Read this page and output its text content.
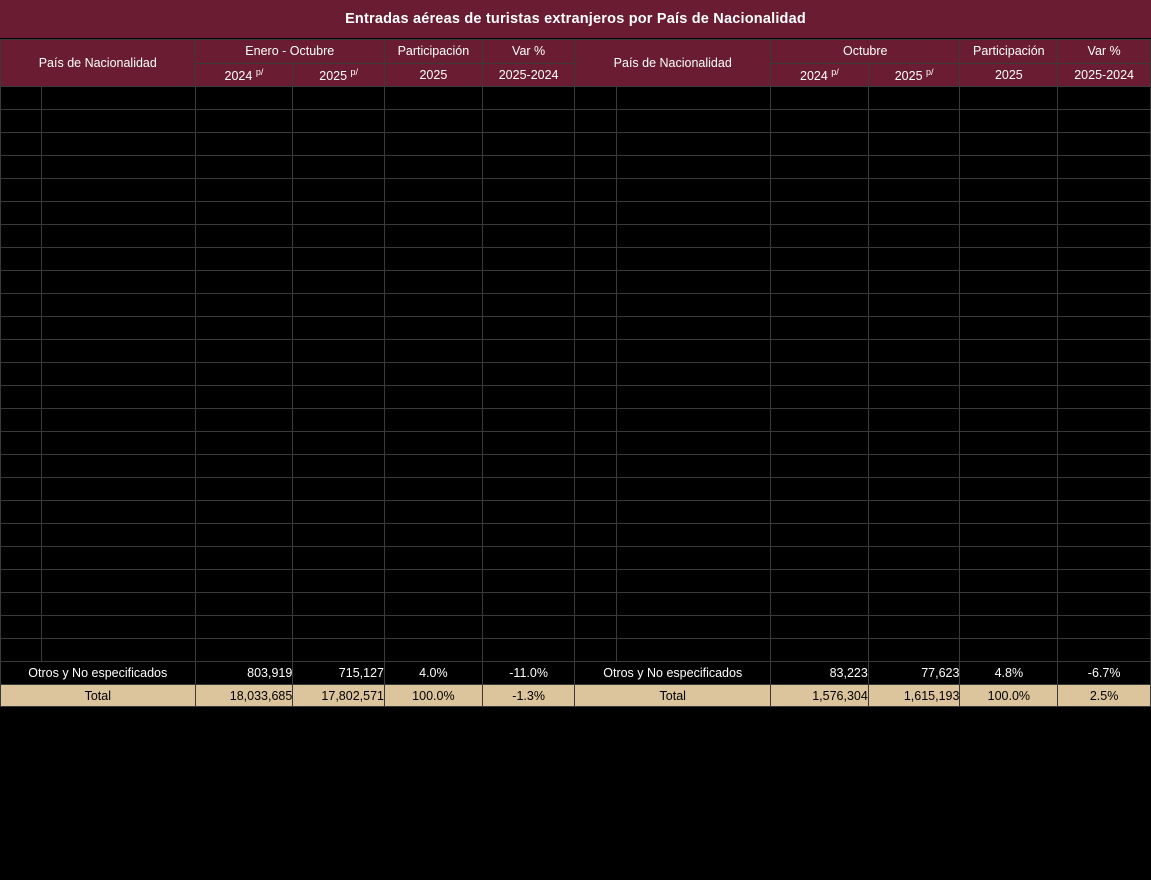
Entradas aéreas de turistas extranjeros por País de Nacionalidad
País de Nacionalidad		Enero - Octubre		Participación	Var %	País de Nacionalidad		Octubre		Participación	Var %
		2024 $^{p/}$	2025 $^{p/}$	2025	2025-2024			2024 $^{p/}$	2025 $^{p/}$	2025	2025-2024

Otros y No especificados		803,919	715,127	4.0%	-11.0%	Otros y No especificados		83,223	77,623	4.8%	-6.7%
Total		18,033,685	17,802,571	100.0%	-1.3%	Total		1,576,304	1,615,193	100.0%	2.5%
